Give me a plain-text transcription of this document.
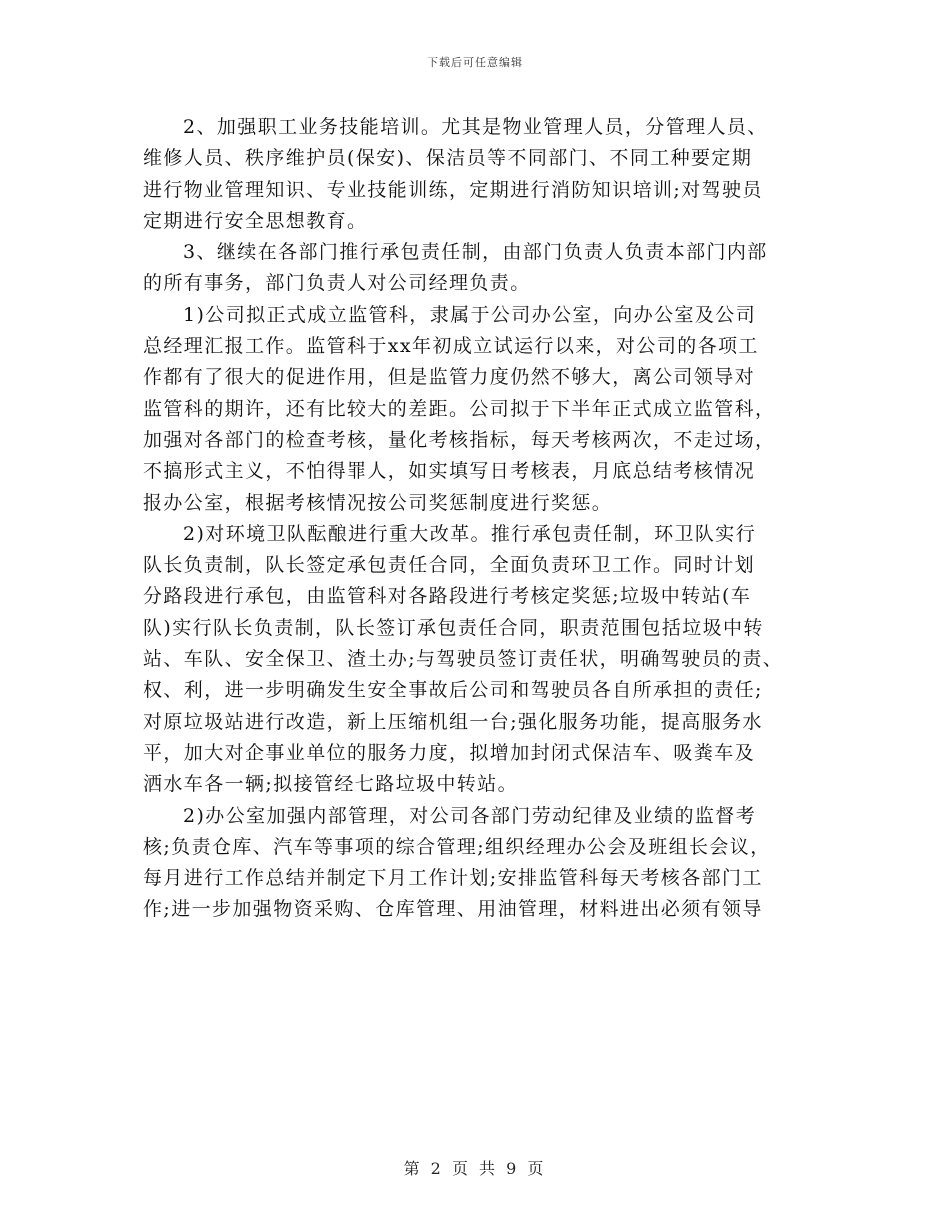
下载后可任意编辑
2、加强职工业务技能培训。尤其是物业管理人员，分管理人员、
维修人员、秩序维护员(保安)、保洁员等不同部门、不同工种要定期
进行物业管理知识、专业技能训练，定期进行消防知识培训;对驾驶员
定期进行安全思想教育。
3、继续在各部门推行承包责任制，由部门负责人负责本部门内部
的所有事务，部门负责人对公司经理负责。
1)公司拟正式成立监管科，隶属于公司办公室，向办公室及公司
总经理汇报工作。监管科于xx年初成立试运行以来，对公司的各项工
作都有了很大的促进作用，但是监管力度仍然不够大，离公司领导对
监管科的期许，还有比较大的差距。公司拟于下半年正式成立监管科，
加强对各部门的检查考核，量化考核指标，每天考核两次，不走过场，
不搞形式主义，不怕得罪人，如实填写日考核表，月底总结考核情况
报办公室，根据考核情况按公司奖惩制度进行奖惩。
2)对环境卫队酝酿进行重大改革。推行承包责任制，环卫队实行
队长负责制，队长签定承包责任合同，全面负责环卫工作。同时计划
分路段进行承包，由监管科对各路段进行考核定奖惩;垃圾中转站(车
队)实行队长负责制，队长签订承包责任合同，职责范围包括垃圾中转
站、车队、安全保卫、渣土办;与驾驶员签订责任状，明确驾驶员的责、
权、利，进一步明确发生安全事故后公司和驾驶员各自所承担的责任;
对原垃圾站进行改造，新上压缩机组一台;强化服务功能，提高服务水
平，加大对企事业单位的服务力度，拟增加封闭式保洁车、吸粪车及
洒水车各一辆;拟接管经七路垃圾中转站。
2)办公室加强内部管理，对公司各部门劳动纪律及业绩的监督考
核;负责仓库、汽车等事项的综合管理;组织经理办公会及班组长会议，
每月进行工作总结并制定下月工作计划;安排监管科每天考核各部门工
作;进一步加强物资采购、仓库管理、用油管理，材料进出必须有领导
第 2 页 共 9 页
